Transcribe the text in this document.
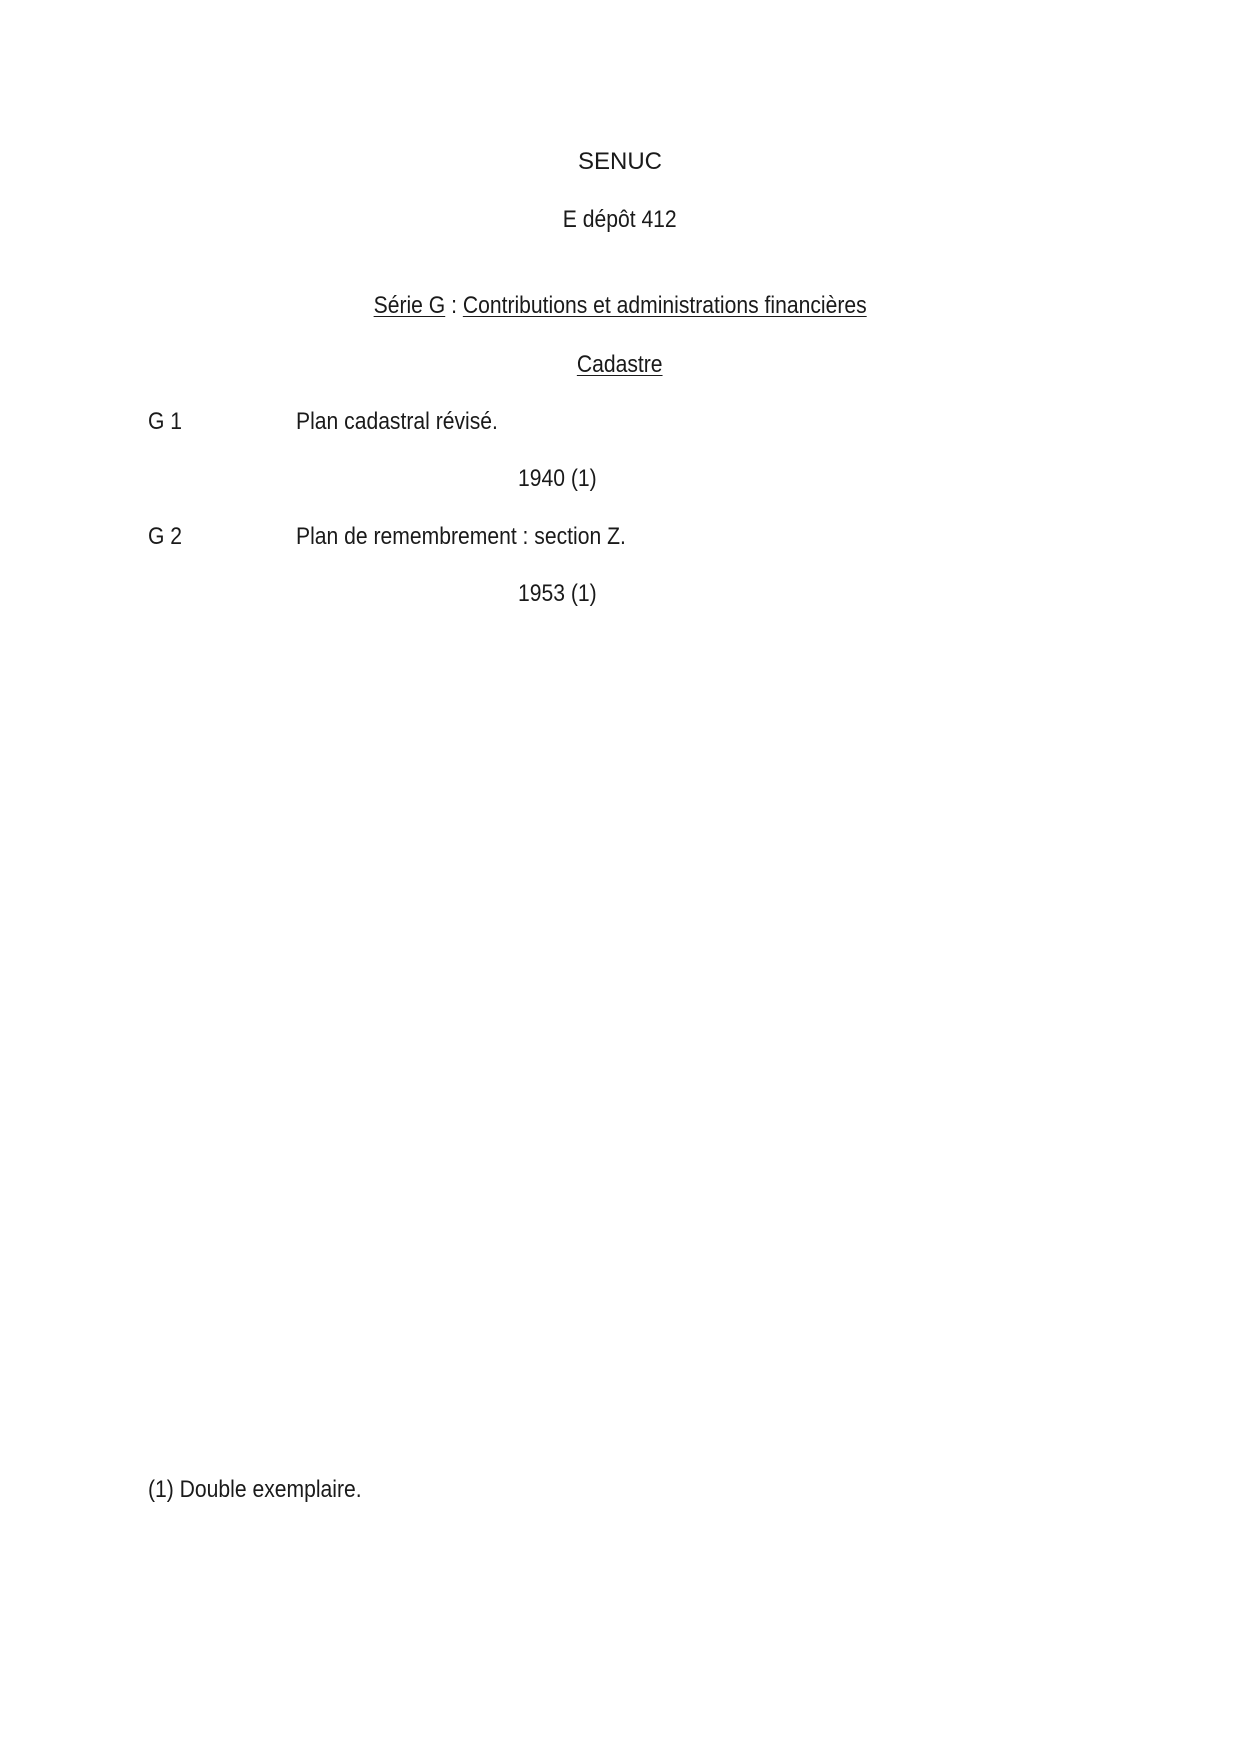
SENUC
E dépôt 412
Série G : Contributions et administrations financières
Cadastre
G 1	Plan cadastral révisé.
1940 (1)
G 2	Plan de remembrement : section Z.
1953 (1)
(1) Double exemplaire.
